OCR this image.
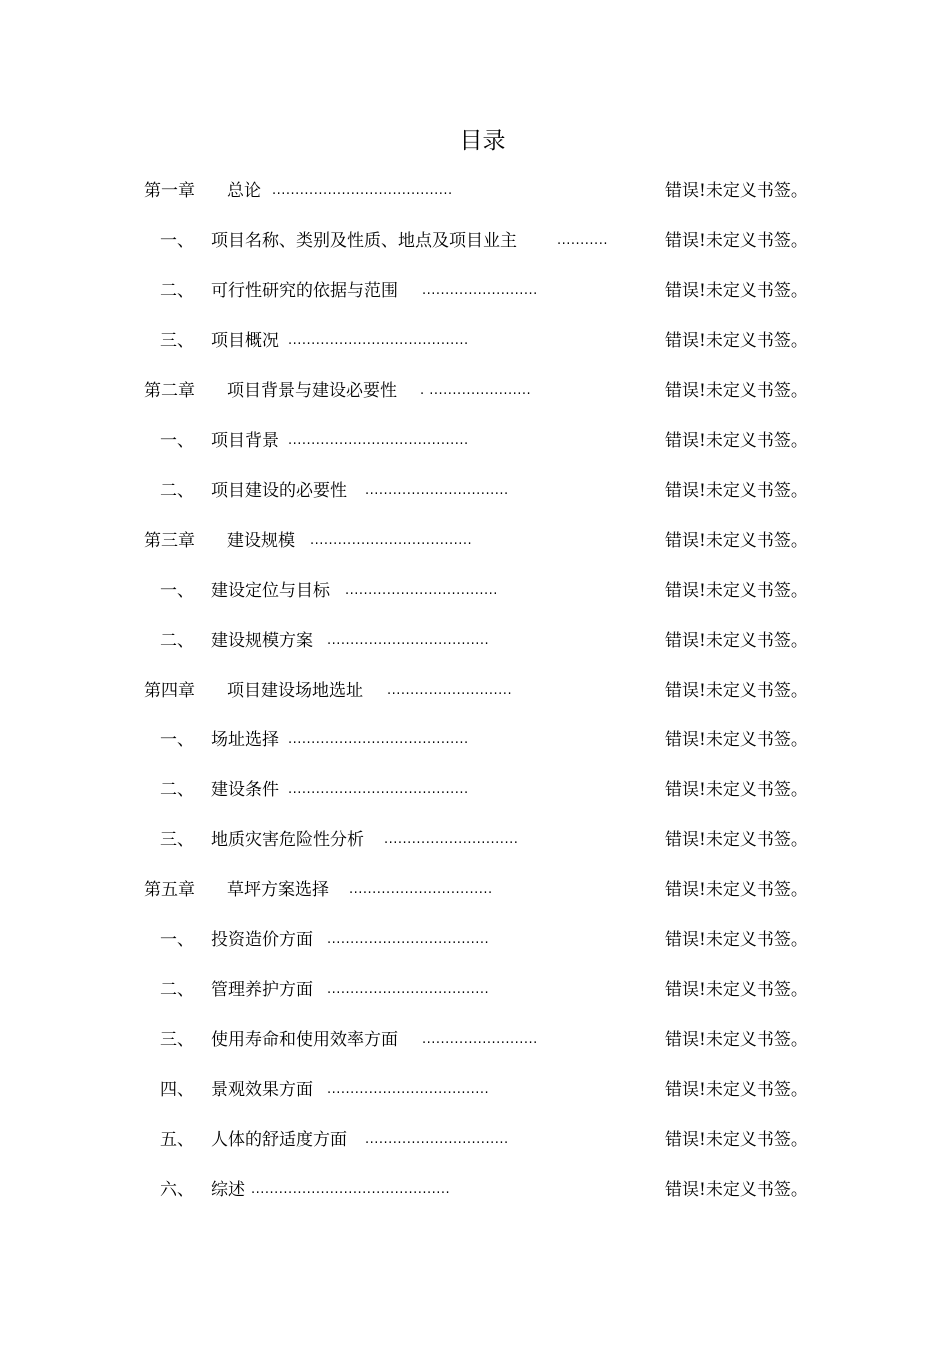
目录
第一章 总论 .......................................	错误!未定义书签。
一、 项目名称、类别及性质、地点及项目业主	...........	错误!未定义书签。
二、 可行性研究的依据与范围 .........................	错误!未定义书签。
三、 项目概况 .......................................	错误!未定义书签。
第二章 项目背景与建设必要性 . ......................	错误!未定义书签。
一、 项目背景 .......................................	错误!未定义书签。
二、 项目建设的必要性 ...............................	错误!未定义书签。
第三章 建设规模 ...................................	错误!未定义书签。
一、 建设定位与目标 .................................	错误!未定义书签。
二、 建设规模方案 ...................................	错误!未定义书签。
第四章 项目建设场地选址 ...........................	错误!未定义书签。
一、 场址选择 .......................................	错误!未定义书签。
二、 建设条件 .......................................	错误!未定义书签。
三、 地质灾害危险性分析 .............................	错误!未定义书签。
第五章 草坪方案选择 ...............................	错误!未定义书签。
一、 投资造价方面 ...................................	错误!未定义书签。
二、 管理养护方面 ...................................	错误!未定义书签。
三、 使用寿命和使用效率方面 .........................	错误!未定义书签。
四、 景观效果方面 ...................................	错误!未定义书签。
五、 人体的舒适度方面 ...............................	错误!未定义书签。
六、 综述 ...........................................	错误!未定义书签。
